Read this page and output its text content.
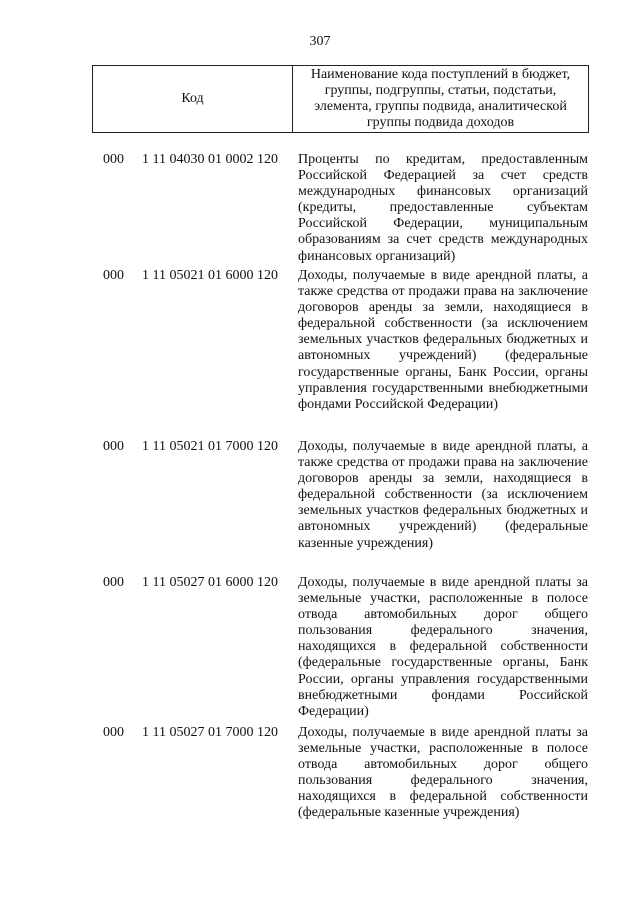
307
Код
Наименование кода поступлений в бюджет, группы, подгруппы, статьи, подстатьи, элемента, группы подвида, аналитической группы подвида доходов
000 1 11 04030 01 0002 120 Проценты по кредитам, предоставленным Российской Федерацией за счет средств международных финансовых организаций (кредиты, предоставленные субъектам Российской Федерации, муниципальным образованиям за счет средств международных финансовых организаций)
000 1 11 05021 01 6000 120 Доходы, получаемые в виде арендной платы, а также средства от продажи права на заключение договоров аренды за земли, находящиеся в федеральной собственности (за исключением земельных участков федеральных бюджетных и автономных учреждений) (федеральные государственные органы, Банк России, органы управления государственными внебюджетными фондами Российской Федерации)
000 1 11 05021 01 7000 120 Доходы, получаемые в виде арендной платы, а также средства от продажи права на заключение договоров аренды за земли, находящиеся в федеральной собственности (за исключением земельных участков федеральных бюджетных и автономных учреждений) (федеральные казенные учреждения)
000 1 11 05027 01 6000 120 Доходы, получаемые в виде арендной платы за земельные участки, расположенные в полосе отвода автомобильных дорог общего пользования федерального значения, находящихся в федеральной собственности (федеральные государственные органы, Банк России, органы управления государственными внебюджетными фондами Российской Федерации)
000 1 11 05027 01 7000 120 Доходы, получаемые в виде арендной платы за земельные участки, расположенные в полосе отвода автомобильных дорог общего пользования федерального значения, находящихся в федеральной собственности (федеральные казенные учреждения)
